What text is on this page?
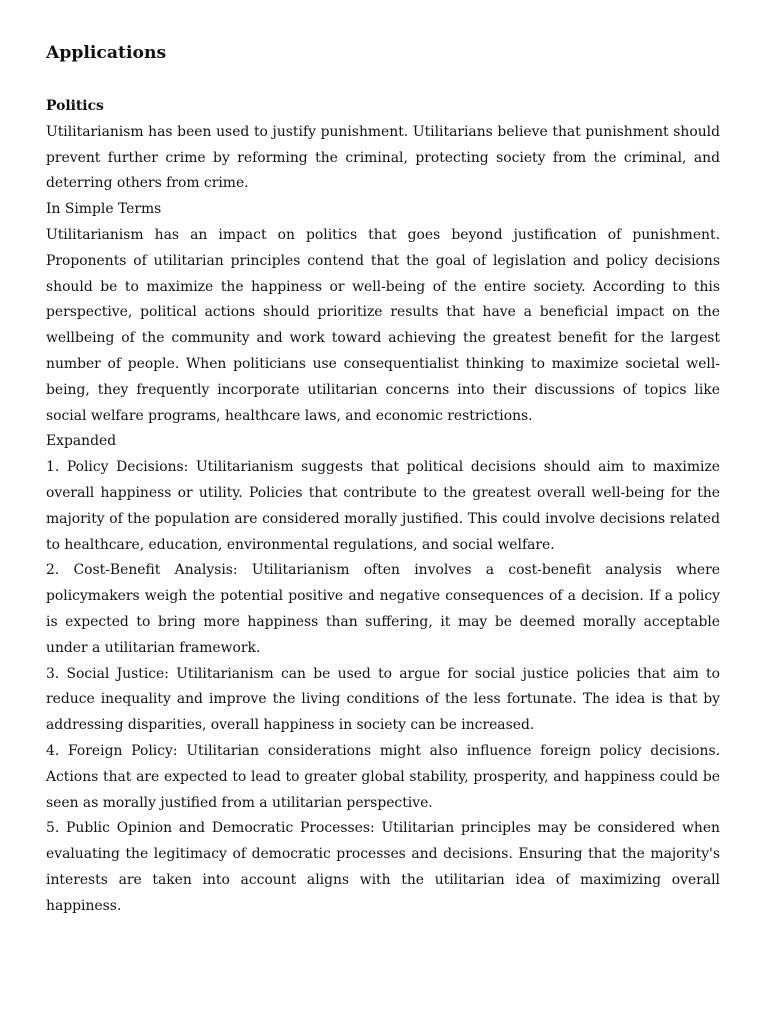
Applications
Politics

Utilitarianism has been used to justify punishment. Utilitarians believe that punishment should prevent further crime by reforming the criminal, protecting society from the criminal, and deterring others from crime.

In Simple Terms

Utilitarianism has an impact on politics that goes beyond justification of punishment. Proponents of utilitarian principles contend that the goal of legislation and policy decisions should be to maximize the happiness or well-being of the entire society. According to this perspective, political actions should prioritize results that have a beneficial impact on the wellbeing of the community and work toward achieving the greatest benefit for the largest number of people. When politicians use consequentialist thinking to maximize societal well-being, they frequently incorporate utilitarian concerns into their discussions of topics like social welfare programs, healthcare laws, and economic restrictions.

Expanded

1. Policy Decisions: Utilitarianism suggests that political decisions should aim to maximize overall happiness or utility. Policies that contribute to the greatest overall well-being for the majority of the population are considered morally justified. This could involve decisions related to healthcare, education, environmental regulations, and social welfare.

2. Cost-Benefit Analysis: Utilitarianism often involves a cost-benefit analysis where policymakers weigh the potential positive and negative consequences of a decision. If a policy is expected to bring more happiness than suffering, it may be deemed morally acceptable under a utilitarian framework.

3. Social Justice: Utilitarianism can be used to argue for social justice policies that aim to reduce inequality and improve the living conditions of the less fortunate. The idea is that by addressing disparities, overall happiness in society can be increased.

4. Foreign Policy: Utilitarian considerations might also influence foreign policy decisions. Actions that are expected to lead to greater global stability, prosperity, and happiness could be seen as morally justified from a utilitarian perspective.

5. Public Opinion and Democratic Processes: Utilitarian principles may be considered when evaluating the legitimacy of democratic processes and decisions. Ensuring that the majority's interests are taken into account aligns with the utilitarian idea of maximizing overall happiness.
